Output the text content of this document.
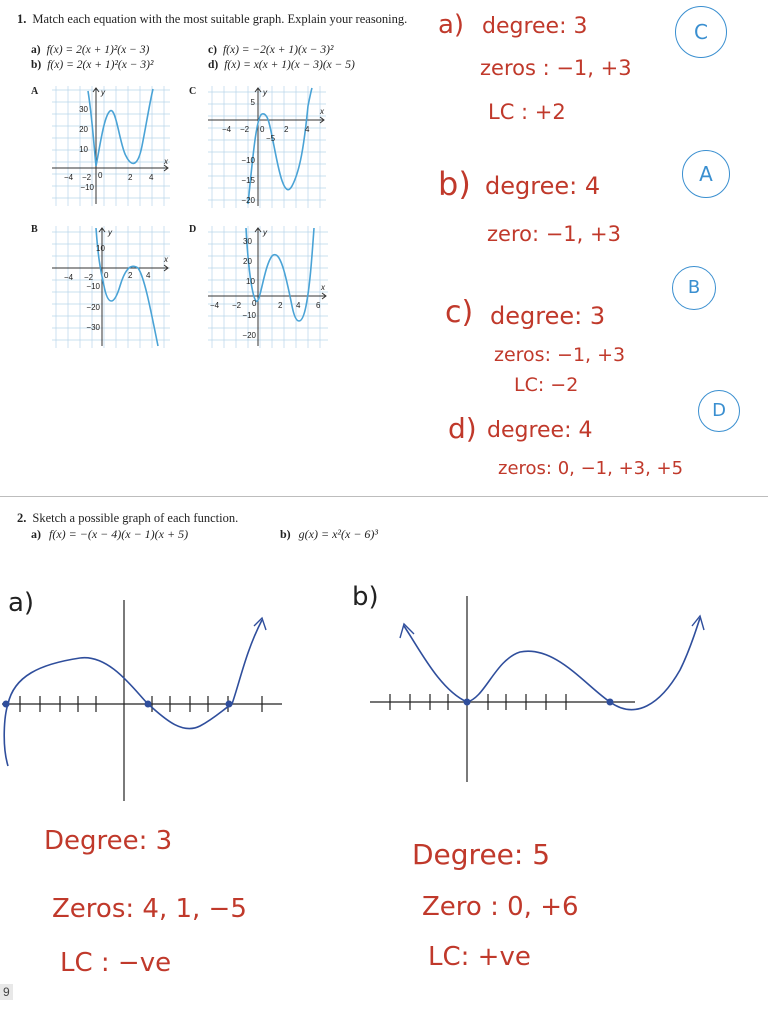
1. Match each equation with the most suitable graph. Explain your reasoning.
a) f(x) = 2(x + 1)²(x − 3)	c) f(x) = −2(x + 1)(x − 3)²
b) f(x) = 2(x + 1)²(x − 3)²	d) f(x) = x(x + 1)(x − 3)(x − 5)
A
30
20
10
−10
−4 −2 0	2 4
x
y	C
5
−5
−10
−15
−20
−4 −2 0 2 4
x
y
B
10
−10
−20
−30
−4 −2 0 2 4
x
y	D
30
20
10
−10
−20
−4 −2 0	2 4 6
x
y
a) degree: 3
zeros : −1, +3
LC : +2
C
b) degree: 4
zero: −1, +3
A
c) degree: 3
zeros: −1, +3
LC: −2
B
d) degree: 4
zeros: 0, −1, +3, +5
D
2. Sketch a possible graph of each function.
a) f(x) = −(x − 4)(x − 1)(x + 5)	b) g(x) = x²(x − 6)³
a)	b)
Degree: 3
Zeros: 4, 1, −5
LC : −ve
Degree: 5
Zero : 0, +6
LC: +ve
9
